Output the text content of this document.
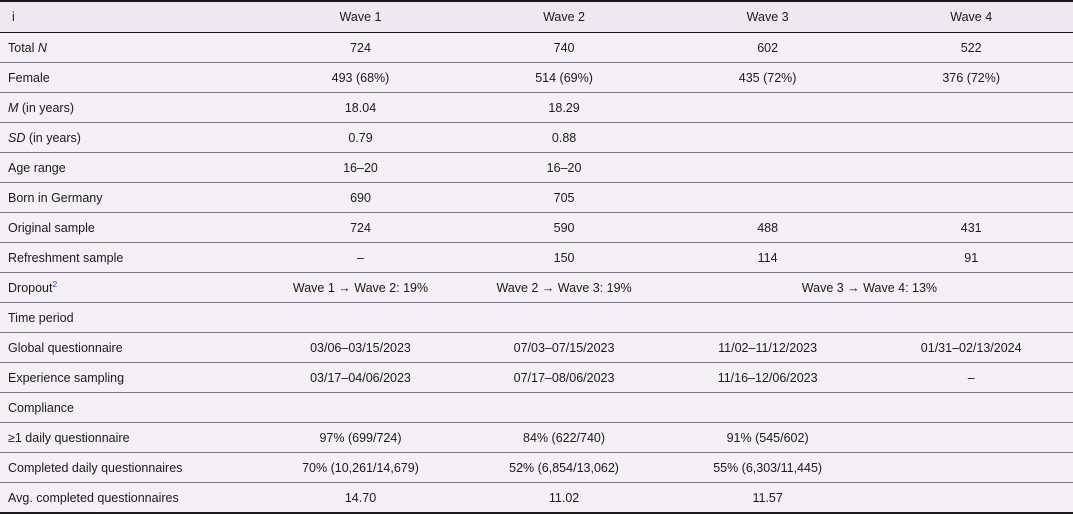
i	Wave 1	Wave 2	Wave 3	Wave 4
Total N	724	740	602	522
Female	493 (68%)	514 (69%)	435 (72%)	376 (72%)
M (in years)	18.04	18.29		
SD (in years)	0.79	0.88		
Age range	16–20	16–20		
Born in Germany	690	705		
Original sample	724	590	488	431
Refreshment sample	–	150	114	91
Dropout$^2$	Wave 1 → Wave 2: 19%	Wave 2 → Wave 3: 19%	Wave 3 → Wave 4: 13%	
Time period				
Global questionnaire	03/06–03/15/2023	07/03–07/15/2023	11/02–11/12/2023	01/31–02/13/2024
Experience sampling	03/17–04/06/2023	07/17–08/06/2023	11/16–12/06/2023	–
Compliance				
≥1 daily questionnaire	97% (699/724)	84% (622/740)	91% (545/602)	
Completed daily questionnaires	70% (10,261/14,679)	52% (6,854/13,062)	55% (6,303/11,445)	
Avg. completed questionnaires	14.70	11.02	11.57	
